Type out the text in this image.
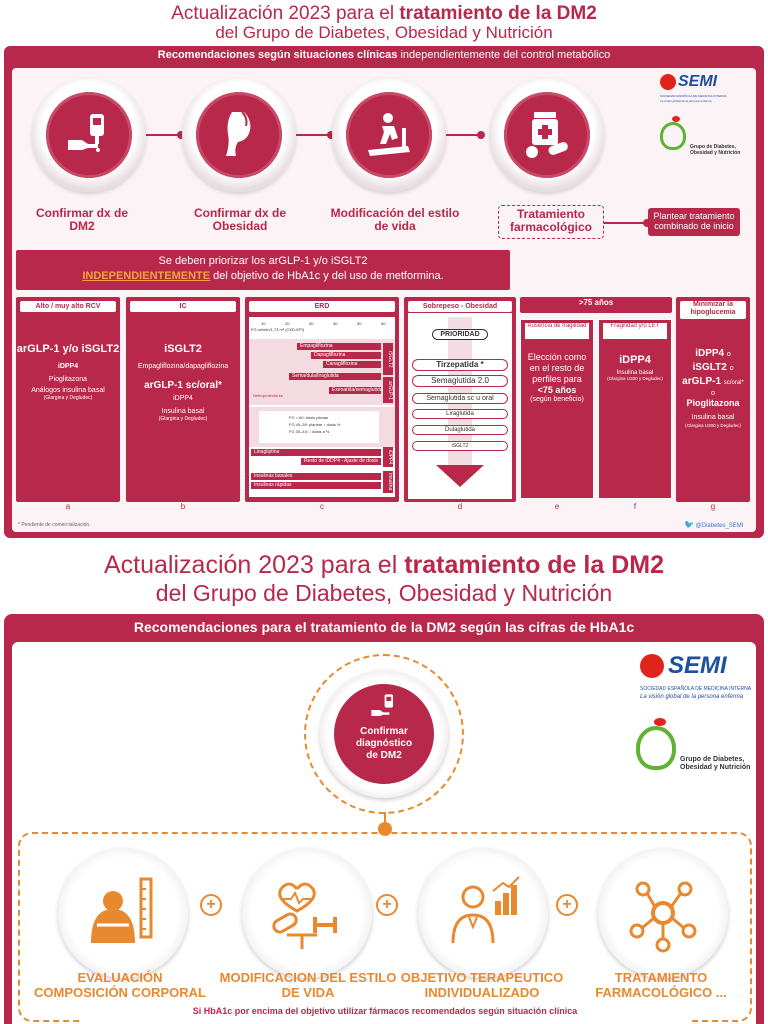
Actualización 2023 para el tratamiento de la DM2
del Grupo de Diabetes, Obesidad y Nutrición
Recomendaciones según situaciones clínicas independientemente del control metabólico
Confirmar dx de DM2
Confirmar dx de Obesidad
Modificación del estilo de vida
Tratamiento farmacológico
Plantear tratamiento combinado de inicio
SEMI
SOCIEDAD ESPAÑOLA DE MEDICINA INTERNA
La visión global de la persona enferma
Grupo de Diabetes, Obesidad y Nutrición
Se deben priorizar los arGLP-1 y/o iSGLT2
INDEPENDIENTEMENTE del objetivo de HbA1c y del uso de metformina.
Alto / muy alto RCV
arGLP-1 y/o iSGLT2
iDPP4
Pioglitazona
Análogos insulina basal
(Glargina y Degludec)
a
IC
iSGLT2
Empagliflozina/dapagliflozina
arGLP-1 sc/oral*
iDPP4
Insulina basal
(Glargina y Degludec)
b
ERD
FG ml/min/1,73 m² (CKD-EPI)
10	20	30	40	50	60
Empagliflozina
Dapagliflozina
Canagliflozina
Sema/dula/liraglutida
Exenatida/semaglutida
Nefroprotectores
iSGLT2
arGLP-1
FG > 60: dosis plenas
FG 45–59: planear ↓ dosis ½
FG 30–44: ↓ dosis a ½
Linagliptina
Resto de iDDP4 - Ajuste de dosis	iDPP4
Insulinas basales
Insulinas rápidas	Insulina
c
Sobrepeso - Obesidad
PRIORIDAD
Tirzepatida *
Semaglutida 2.0
Semaglutida sc u oral
Liraglutida
Dulaglutida
iSGLT2
d
>75 años
Ausencia de fragilidad
Elección como en el resto de perfiles para
<75 años
(según beneficio)
Fragilidad y/o LET
iDPP4
Insulina basal
(Glargina U300 y Degludec)
e	f
Minimizar la hipoglucemia
iDPP4 o
iSGLT2 o
arGLP-1 sc/oral*
o
Pioglitazona
Insulina basal
(Glargina U300 y Degludec)
g
* Pendiente de comercialización.	🐦 @Diabetes_SEMI
Actualización 2023 para el tratamiento de la DM2
del Grupo de Diabetes, Obesidad y Nutrición
Recomendaciones para el tratamiento de la DM2 según las cifras de HbA1c
Confirmar diagnóstico de DM2
SEMI
SOCIEDAD ESPAÑOLA DE MEDICINA INTERNA
La visión global de la persona enferma
Grupo de Diabetes, Obesidad y Nutrición
+	+	+
EVALUACIÓN COMPOSICIÓN CORPORAL
MODIFICACION DEL ESTILO DE VIDA
OBJETIVO TERAPEUTICO INDIVIDUALIZADO
TRATAMIENTO FARMACOLÓGICO ...
Si HbA1c por encima del objetivo utilizar fármacos recomendados según situación clínica
